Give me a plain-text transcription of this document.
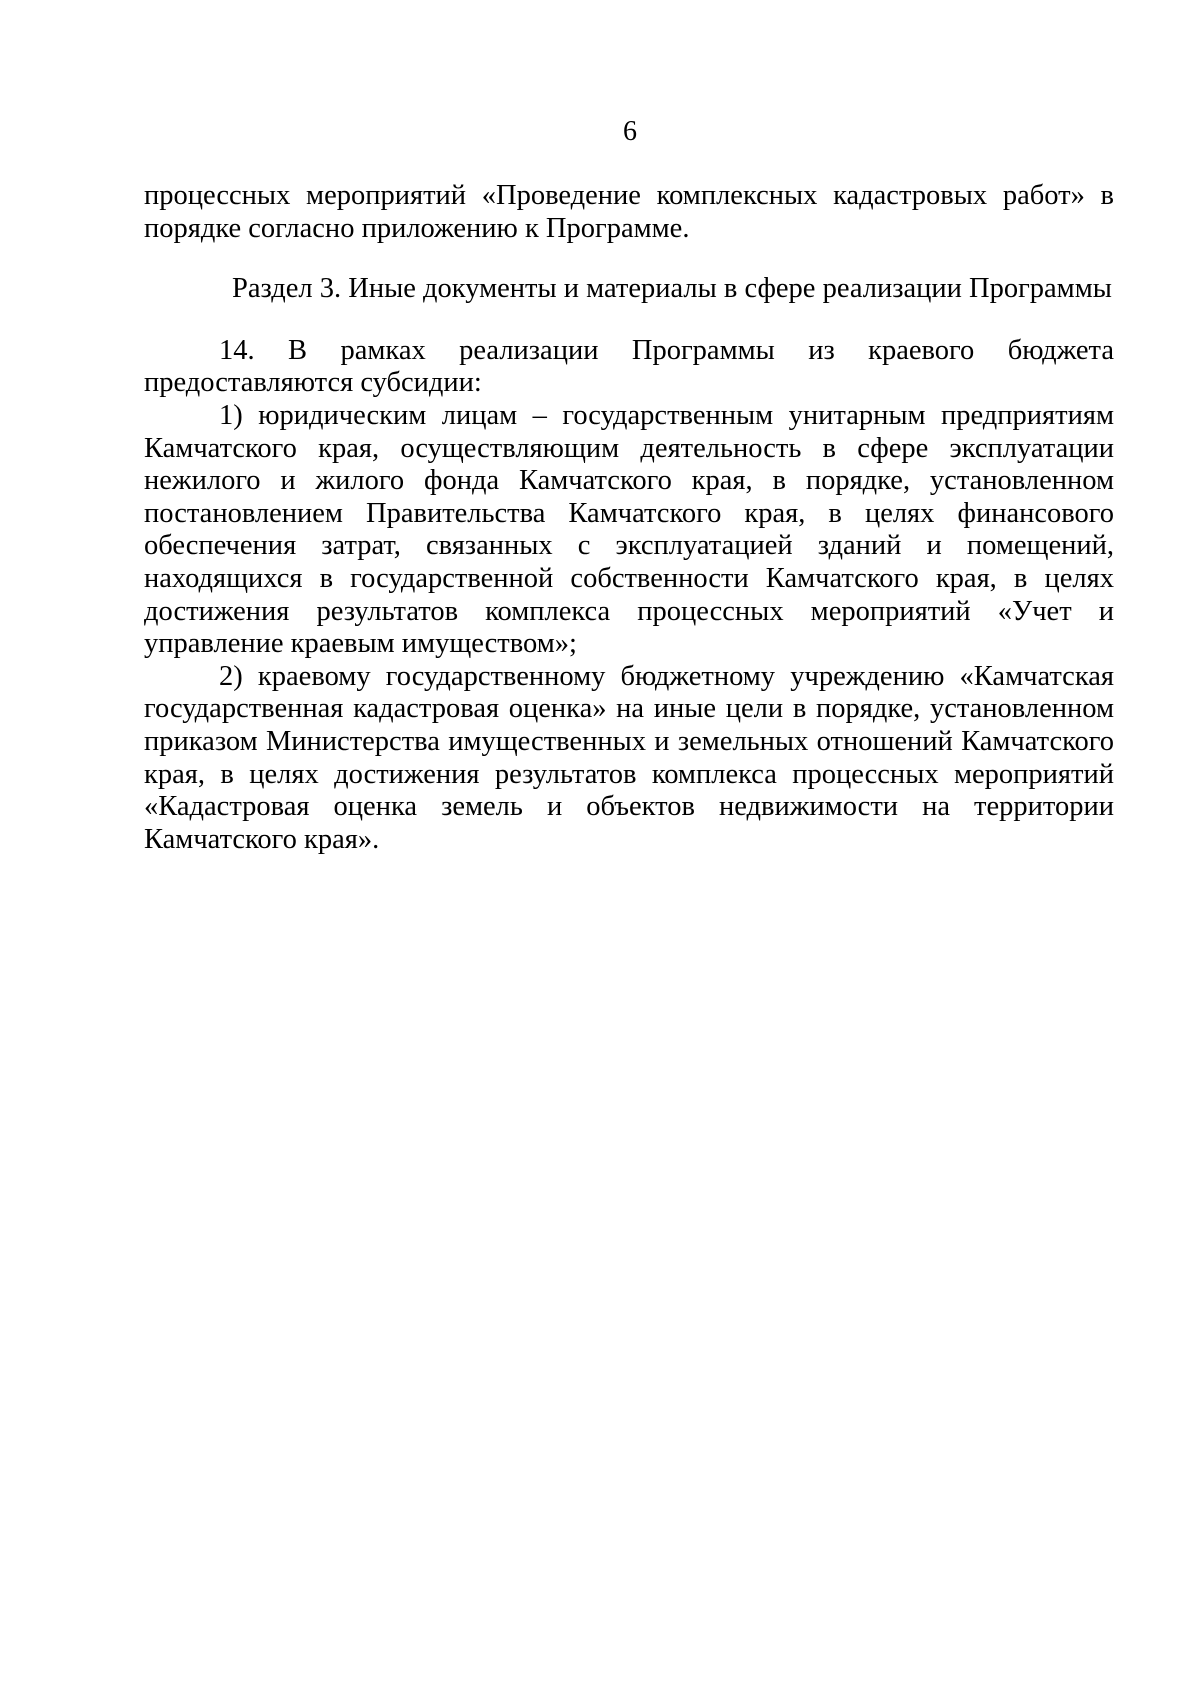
6

процессных мероприятий «Проведение комплексных кадастровых работ» в порядке согласно приложению к Программе.

Раздел 3. Иные документы и материалы в сфере реализации Программы

14. В рамках реализации Программы из краевого бюджета предоставляются субсидии:

1) юридическим лицам – государственным унитарным предприятиям Камчатского края, осуществляющим деятельность в сфере эксплуатации нежилого и жилого фонда Камчатского края, в порядке, установленном постановлением Правительства Камчатского края, в целях финансового обеспечения затрат, связанных с эксплуатацией зданий и помещений, находящихся в государственной собственности Камчатского края, в целях достижения результатов комплекса процессных мероприятий «Учет и управление краевым имуществом»;

2) краевому государственному бюджетному учреждению «Камчатская государственная кадастровая оценка» на иные цели в порядке, установленном приказом Министерства имущественных и земельных отношений Камчатского края, в целях достижения результатов комплекса процессных мероприятий «Кадастровая оценка земель и объектов недвижимости на территории Камчатского края».
